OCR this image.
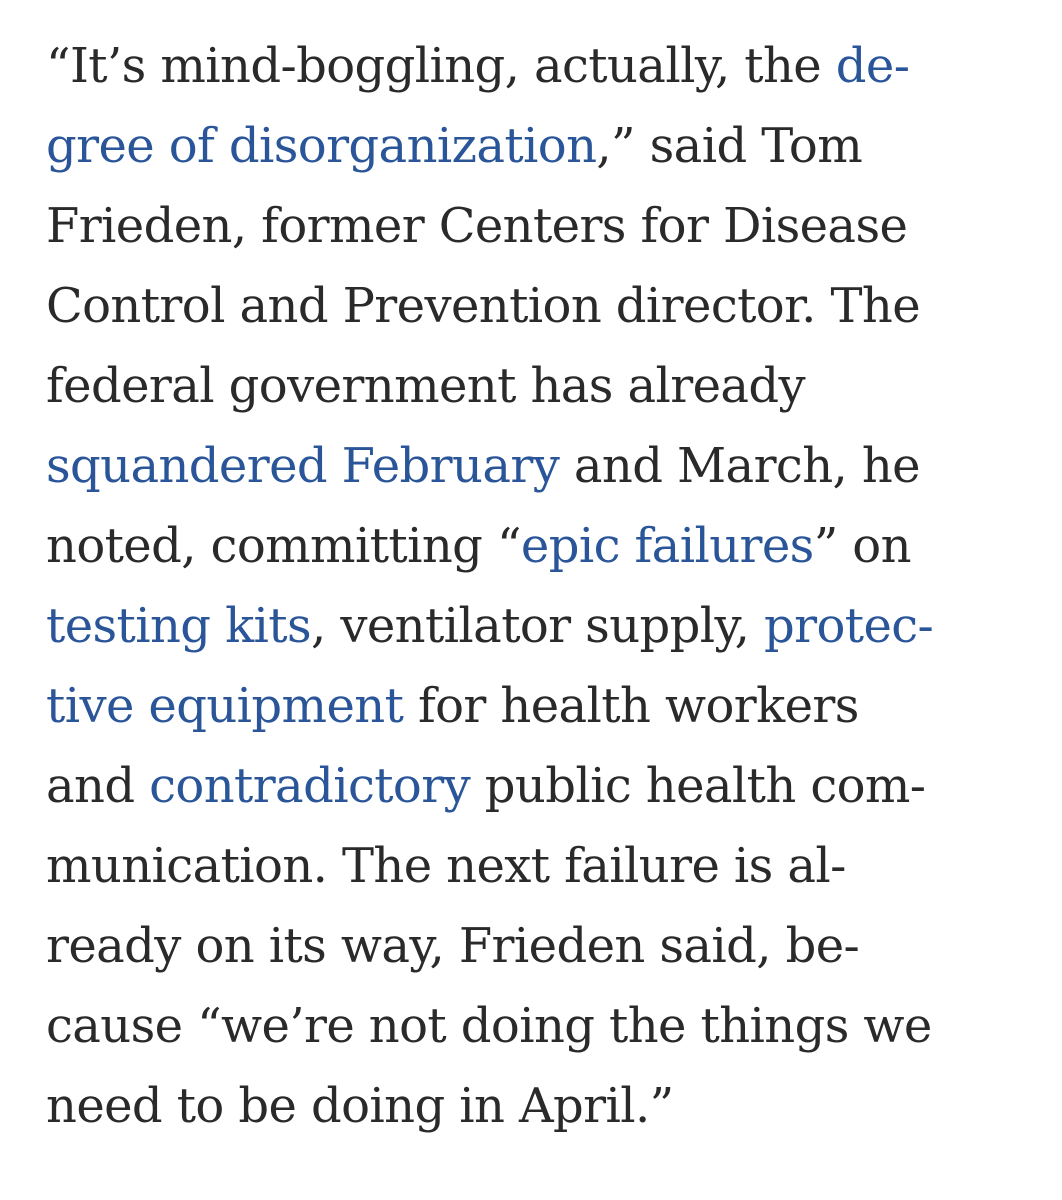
“It’s mind-boggling, actually, the de-
gree of disorganization,” said Tom
Frieden, former Centers for Disease
Control and Prevention director. The
federal government has already
squandered February and March, he
noted, committing “epic failures” on
testing kits, ventilator supply, protec-
tive equipment for health workers
and contradictory public health com-
munication. The next failure is al-
ready on its way, Frieden said, be-
cause “we’re not doing the things we
need to be doing in April.”
